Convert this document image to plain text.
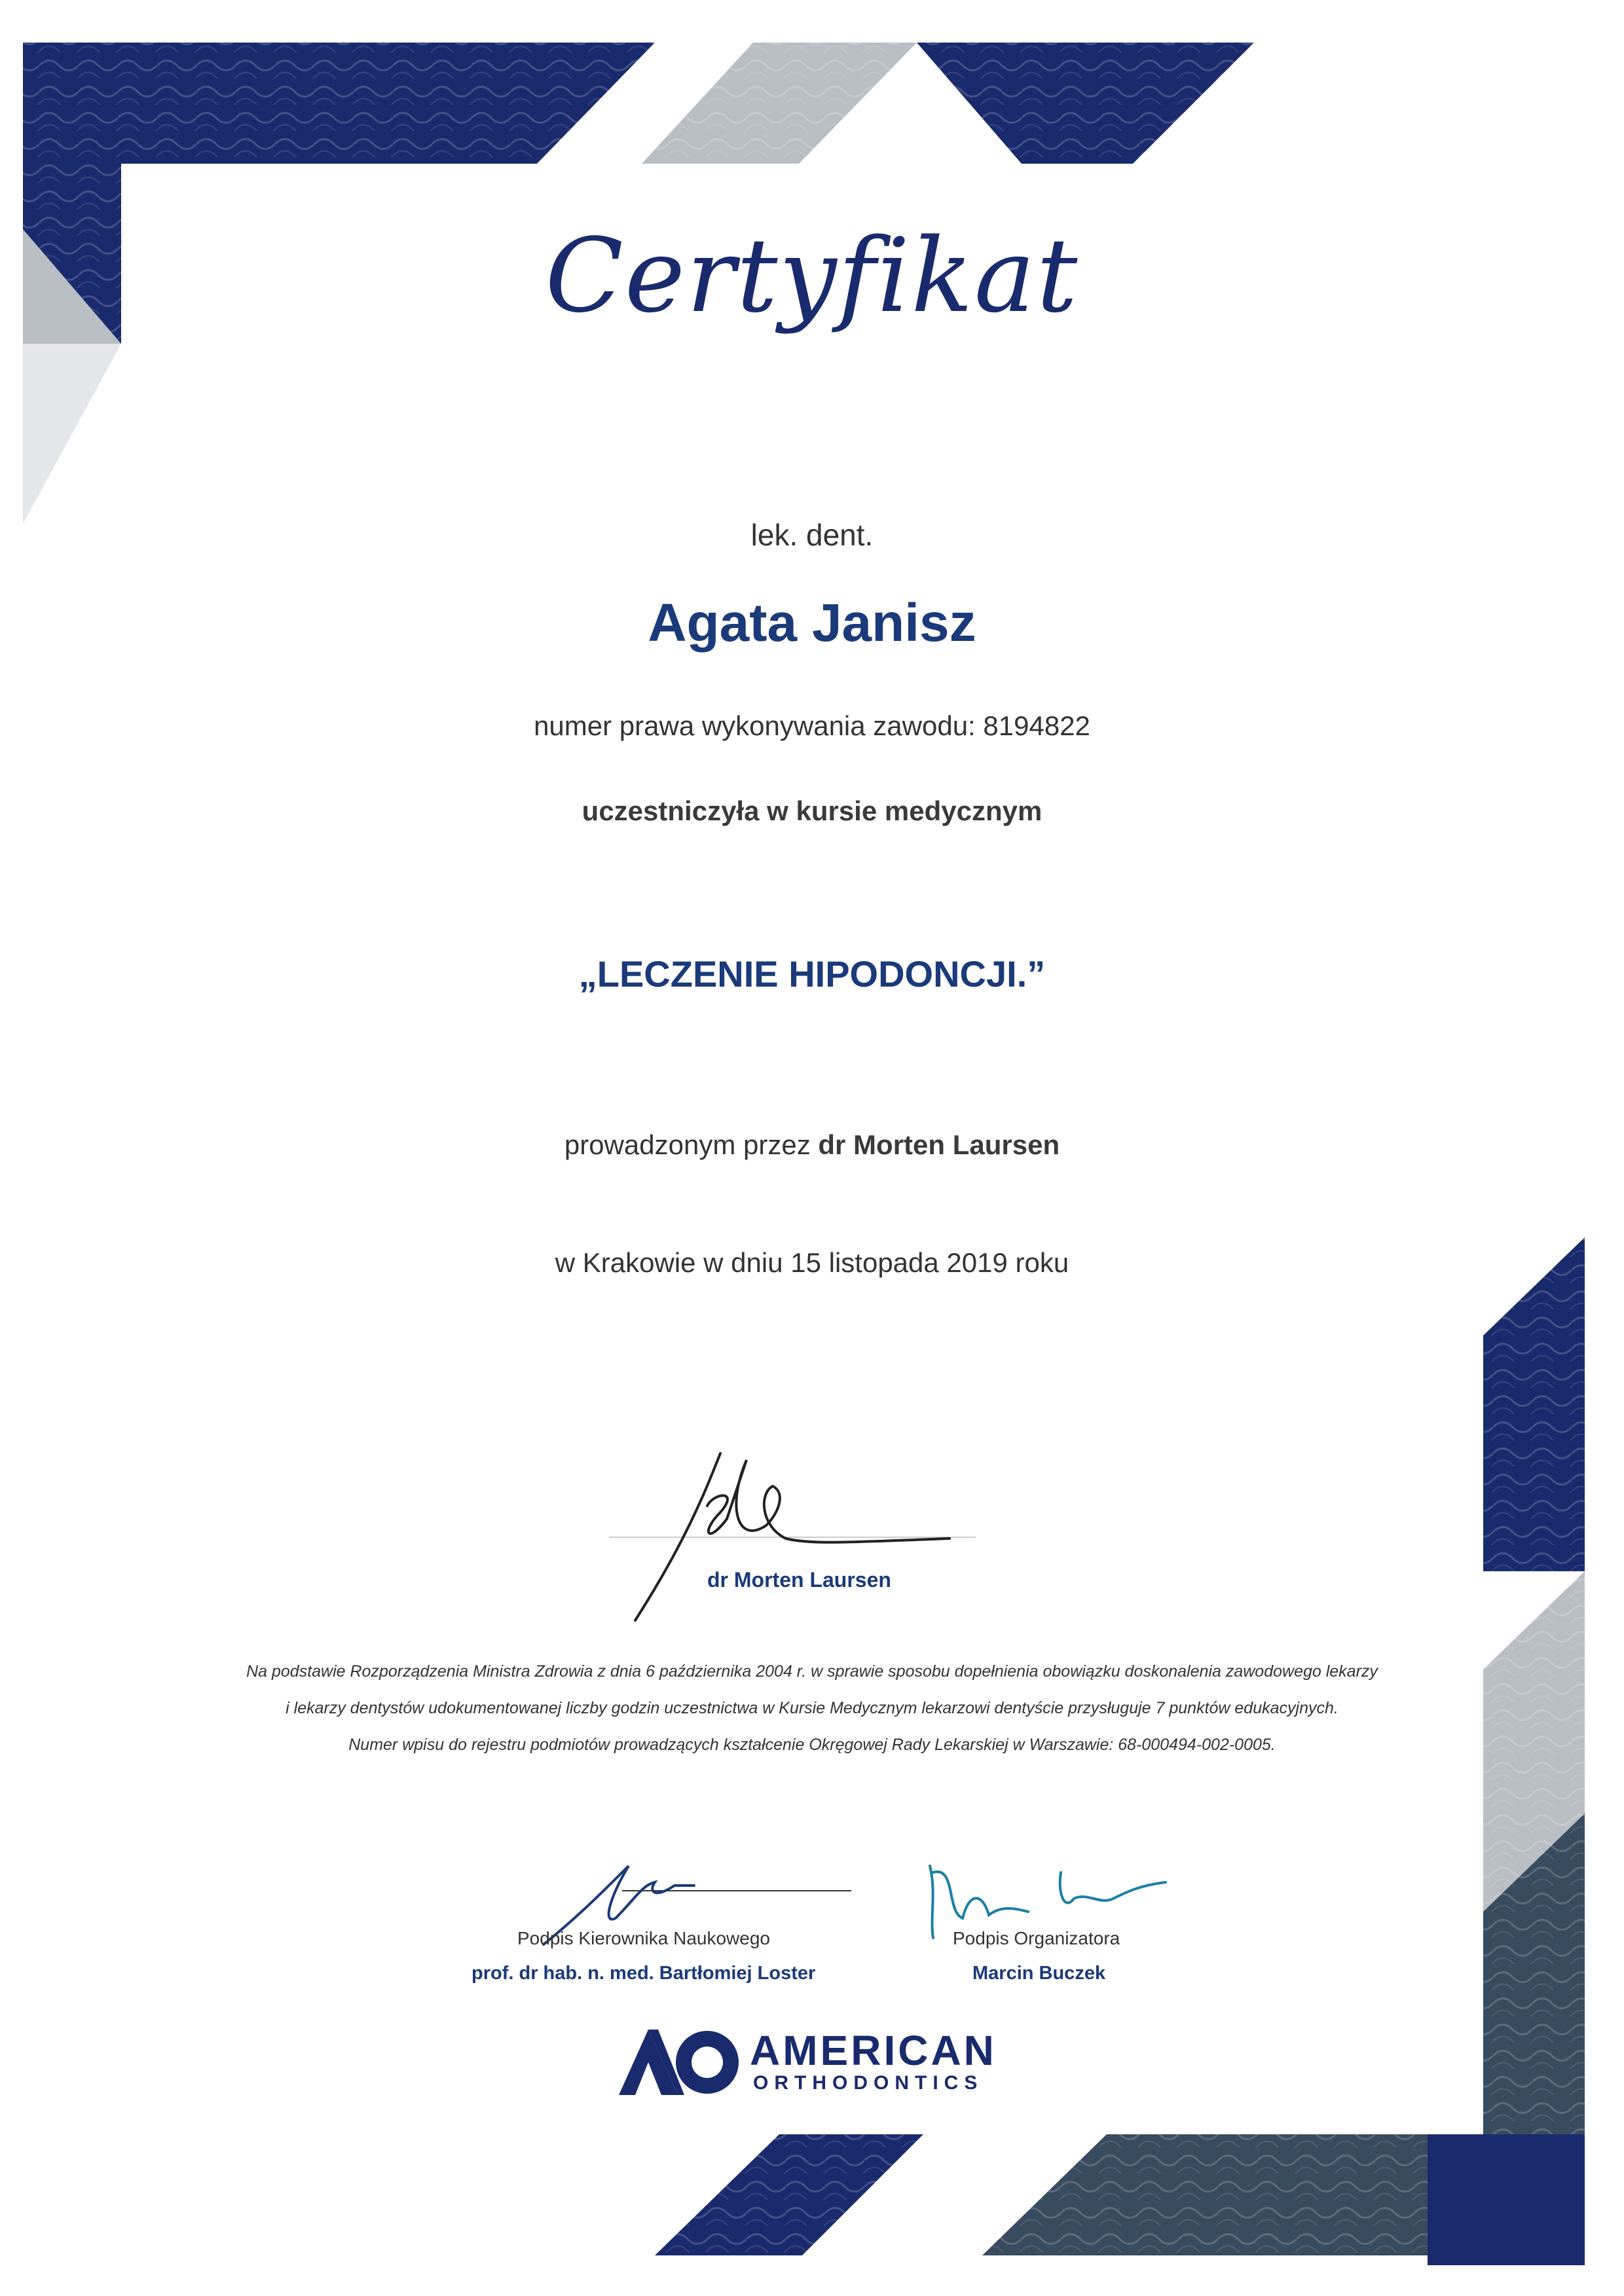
Certyfikat
lek. dent.
Agata Janisz
numer prawa wykonywania zawodu: 8194822
uczestniczyła w kursie medycznym
„LECZENIE HIPODONCJI.”
prowadzonym przez dr Morten Laursen
w Krakowie w dniu 15 listopada 2019 roku
dr Morten Laursen
Na podstawie Rozporządzenia Ministra Zdrowia z dnia 6 października 2004 r. w sprawie sposobu dopełnienia obowiązku doskonalenia zawodowego lekarzy
i lekarzy dentystów udokumentowanej liczby godzin uczestnictwa w Kursie Medycznym lekarzowi dentyście przysługuje 7 punktów edukacyjnych.
Numer wpisu do rejestru podmiotów prowadzących kształcenie Okręgowej Rady Lekarskiej w Warszawie: 68-000494-002-0005.
Podpis Kierownika Naukowego
prof. dr hab. n. med. Bartłomiej Loster
Podpis Organizatora
Marcin Buczek
AMERICAN
ORTHODONTICS
